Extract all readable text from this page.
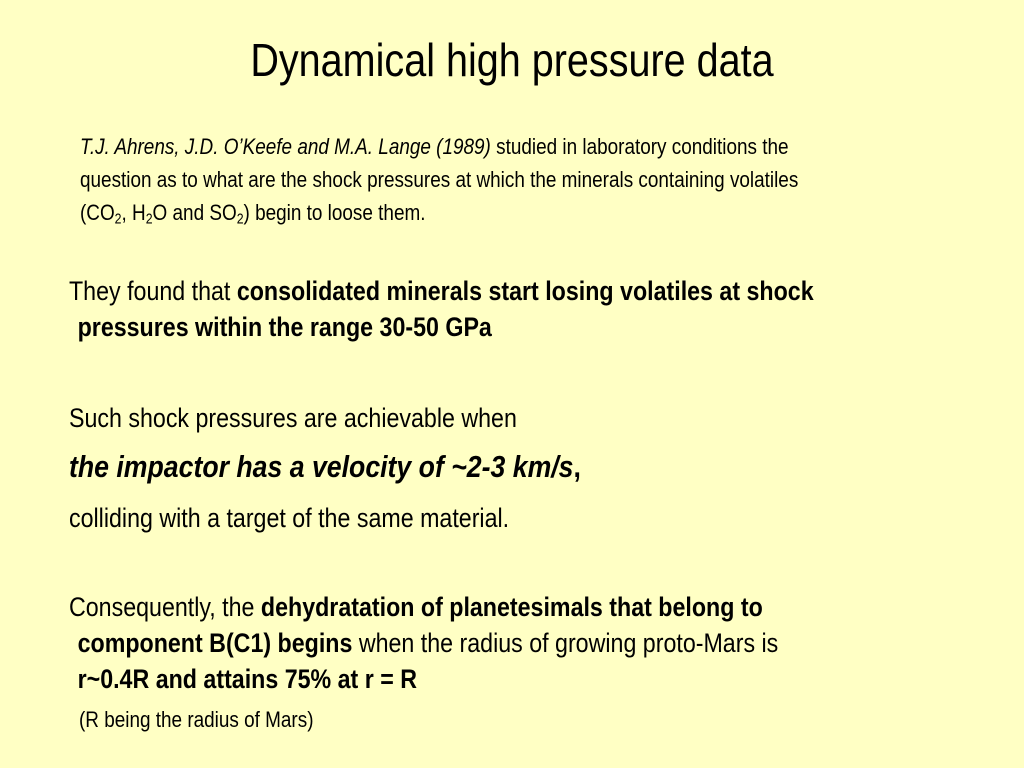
Dynamical high pressure data
T.J. Ahrens, J.D. O’Keefe and M.A. Lange (1989) studied in laboratory conditions the
question as to what are the shock pressures at which the minerals containing volatiles
($CO_2$, $H_2O$ and $SO_2$) begin to loose them.
They found that consolidated minerals start losing volatiles at shock
pressures within the range 30-50 GPa
Such shock pressures are achievable when
the impactor has a velocity of ~2-3 km/s,
colliding with a target of the same material.
Consequently, the dehydratation of planetesimals that belong to
component B(C1) begins when the radius of growing proto-Mars is
r~0.4R and attains 75% at r = R
(R being the radius of Mars)
